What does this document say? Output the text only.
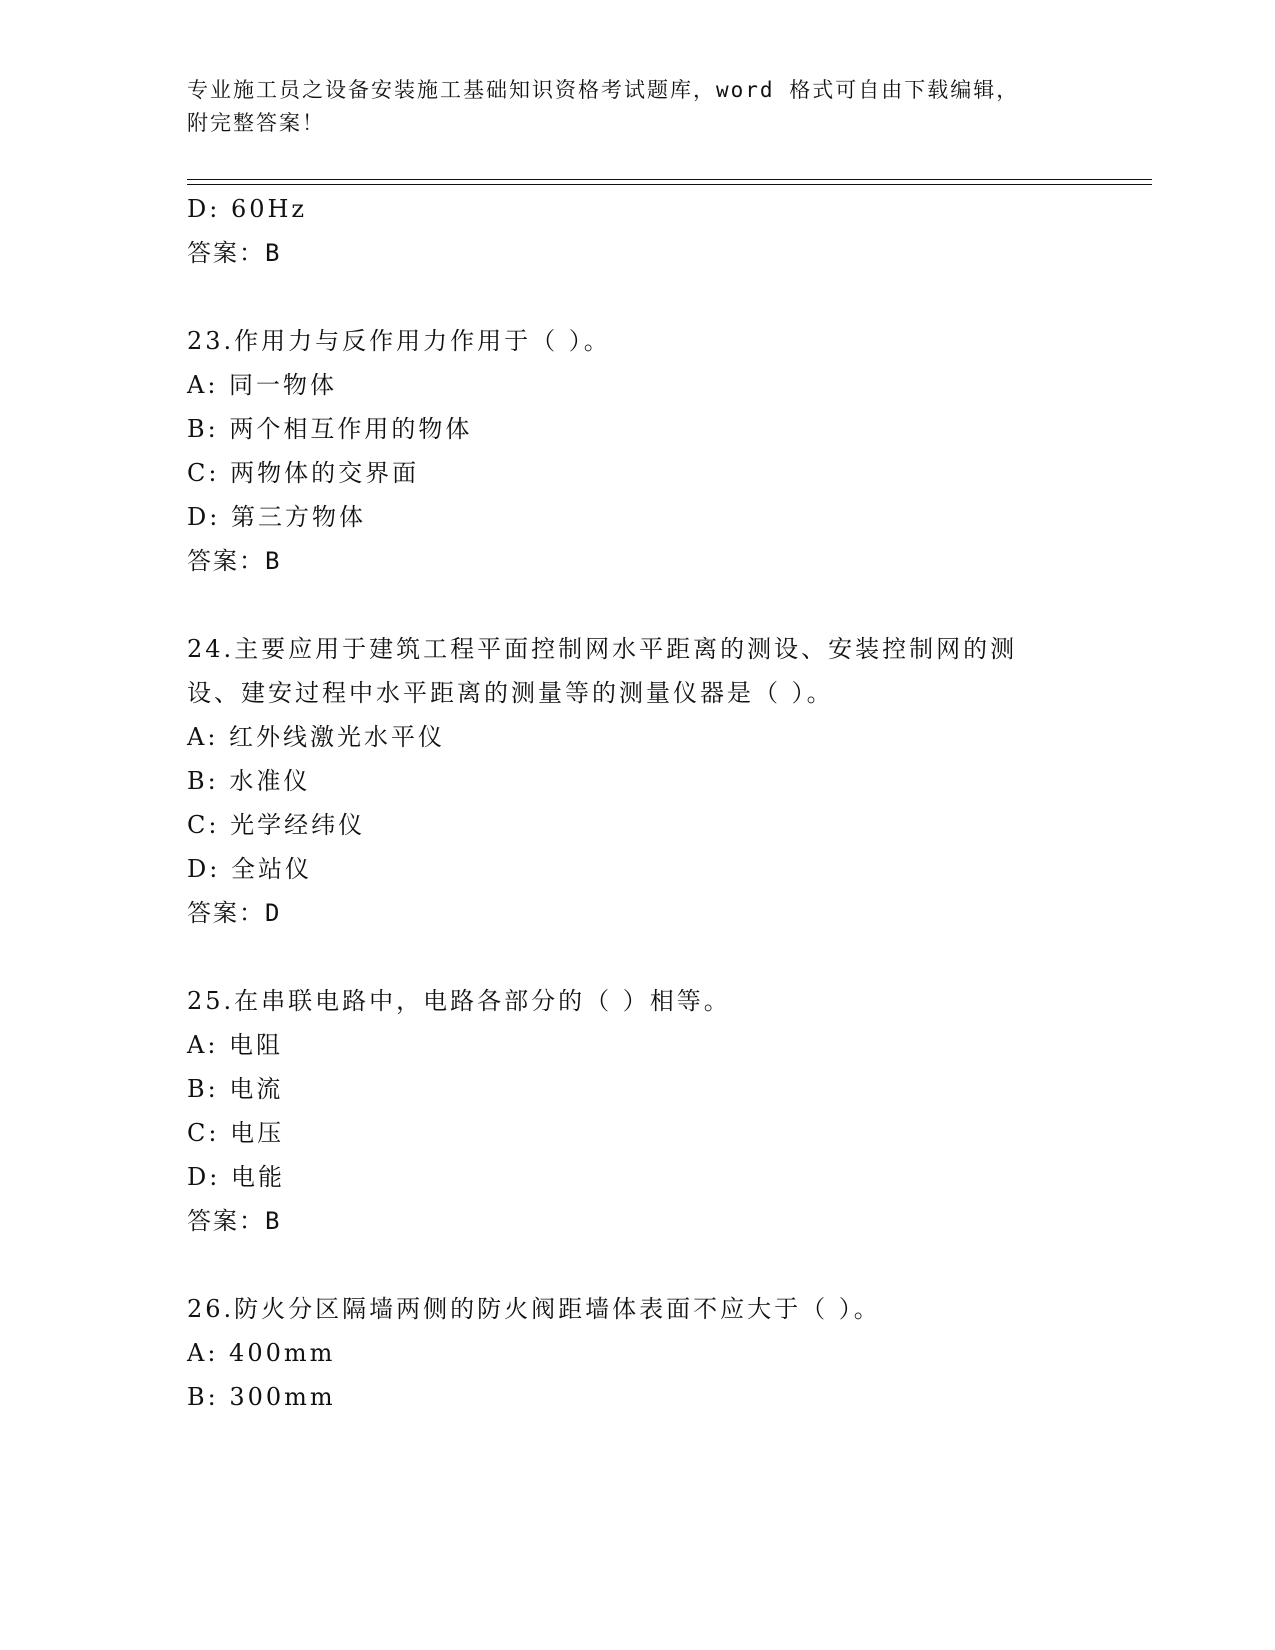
专业施工员之设备安装施工基础知识资格考试题库，word 格式可自由下载编辑，
附完整答案！
D: 60Hz
答案：B
23.作用力与反作用力作用于（ ）。
A: 同一物体
B: 两个相互作用的物体
C: 两物体的交界面
D: 第三方物体
答案：B
24.主要应用于建筑工程平面控制网水平距离的测设、安装控制网的测
设、建安过程中水平距离的测量等的测量仪器是（ ）。
A: 红外线激光水平仪
B: 水准仪
C: 光学经纬仪
D: 全站仪
答案：D
25.在串联电路中，电路各部分的（ ）相等。
A: 电阻
B: 电流
C: 电压
D: 电能
答案：B
26.防火分区隔墙两侧的防火阀距墙体表面不应大于（ ）。
A: 400mm
B: 300mm
